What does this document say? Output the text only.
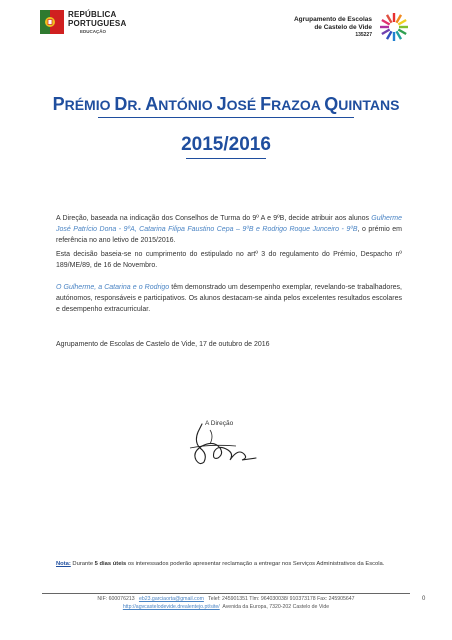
REPÚBLICA
PORTUGUESA
EDUCAÇÃO
Agrupamento de Escolas
de Castelo de Vide
135227
PRÉMIO DR. ANTÓNIO JOSÉ FRAZOA QUINTANS
2015/2016
A Direção, baseada na indicação dos Conselhos de Turma do 9º A e 9ºB, decide atribuir aos alunos Gulherme José Patrício Dona - 9ºA, Catarina Filipa Faustino Cepa – 9ºB e Rodrigo Roque Junceiro - 9ºB, o prémio em referência no ano letivo de 2015/2016.
Esta decisão baseia-se no cumprimento do estipulado no artº 3 do regulamento do Prémio, Despacho nº 189/ME/89, de 16 de Novembro.
O Gulherme, a Catarina e o Rodrigo têm demonstrado um desempenho exemplar, revelando-se trabalhadores, autónomos, responsáveis e participativos. Os alunos destacam-se ainda pelos excelentes resultados escolares e desempenho extracurricular.
Agrupamento de Escolas de Castelo de Vide, 17 de outubro de 2016
A Direção
Nota: Durante 5 dias úteis os interessados poderão apresentar reclamação a entregar nos Serviços Administrativos da Escola.
NIF: 600076213 eb23.garciaorta@gmail.com Telef: 245901351 Tlm: 964030038/ 910373178 Fax: 245905647
http://agvcastelodevide.drealentejo.pt/site/ Avenida da Europa, 7320-202 Castelo de Vide
0
